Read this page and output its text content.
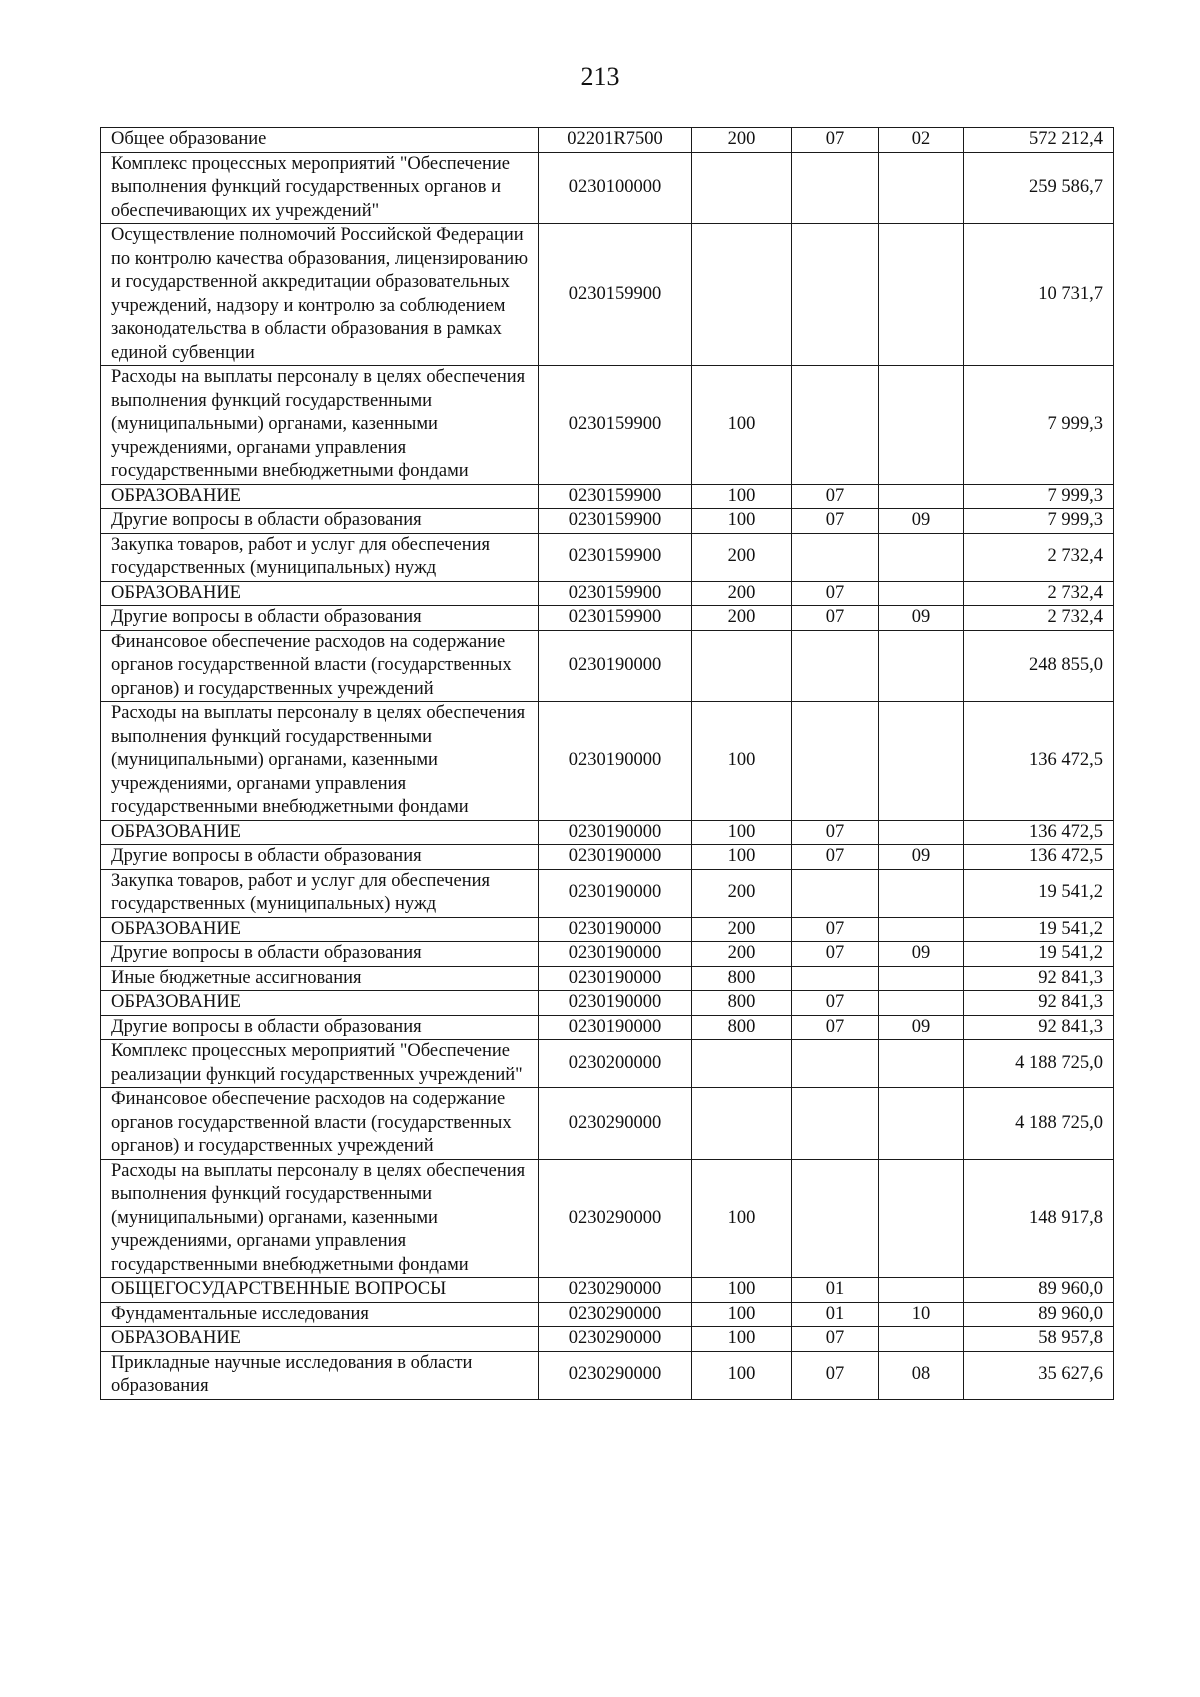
213
Общее образование	02201R7500	200	07	02	572 212,4
Комплекс процессных мероприятий "Обеспечение выполнения функций государственных органов и обеспечивающих их учреждений"	0230100000				259 586,7
Осуществление полномочий Российской Федерации по контролю качества образования, лицензированию и государственной аккредитации образовательных учреждений, надзору и контролю за соблюдением законодательства в области образования в рамках единой субвенции	0230159900				10 731,7
Расходы на выплаты персоналу в целях обеспечения выполнения функций государственными (муниципальными) органами, казенными учреждениями, органами управления государственными внебюджетными фондами	0230159900	100			7 999,3
ОБРАЗОВАНИЕ	0230159900	100	07		7 999,3
Другие вопросы в области образования	0230159900	100	07	09	7 999,3
Закупка товаров, работ и услуг для обеспечения государственных (муниципальных) нужд	0230159900	200			2 732,4
ОБРАЗОВАНИЕ	0230159900	200	07		2 732,4
Другие вопросы в области образования	0230159900	200	07	09	2 732,4
Финансовое обеспечение расходов на содержание органов государственной власти (государственных органов) и государственных учреждений	0230190000				248 855,0
Расходы на выплаты персоналу в целях обеспечения выполнения функций государственными (муниципальными) органами, казенными учреждениями, органами управления государственными внебюджетными фондами	0230190000	100			136 472,5
ОБРАЗОВАНИЕ	0230190000	100	07		136 472,5
Другие вопросы в области образования	0230190000	100	07	09	136 472,5
Закупка товаров, работ и услуг для обеспечения государственных (муниципальных) нужд	0230190000	200			19 541,2
ОБРАЗОВАНИЕ	0230190000	200	07		19 541,2
Другие вопросы в области образования	0230190000	200	07	09	19 541,2
Иные бюджетные ассигнования	0230190000	800			92 841,3
ОБРАЗОВАНИЕ	0230190000	800	07		92 841,3
Другие вопросы в области образования	0230190000	800	07	09	92 841,3
Комплекс процессных мероприятий "Обеспечение реализации функций государственных учреждений"	0230200000				4 188 725,0
Финансовое обеспечение расходов на содержание органов государственной власти (государственных органов) и государственных учреждений	0230290000				4 188 725,0
Расходы на выплаты персоналу в целях обеспечения выполнения функций государственными (муниципальными) органами, казенными учреждениями, органами управления государственными внебюджетными фондами	0230290000	100			148 917,8
ОБЩЕГОСУДАРСТВЕННЫЕ ВОПРОСЫ	0230290000	100	01		89 960,0
Фундаментальные исследования	0230290000	100	01	10	89 960,0
ОБРАЗОВАНИЕ	0230290000	100	07		58 957,8
Прикладные научные исследования в области образования	0230290000	100	07	08	35 627,6
